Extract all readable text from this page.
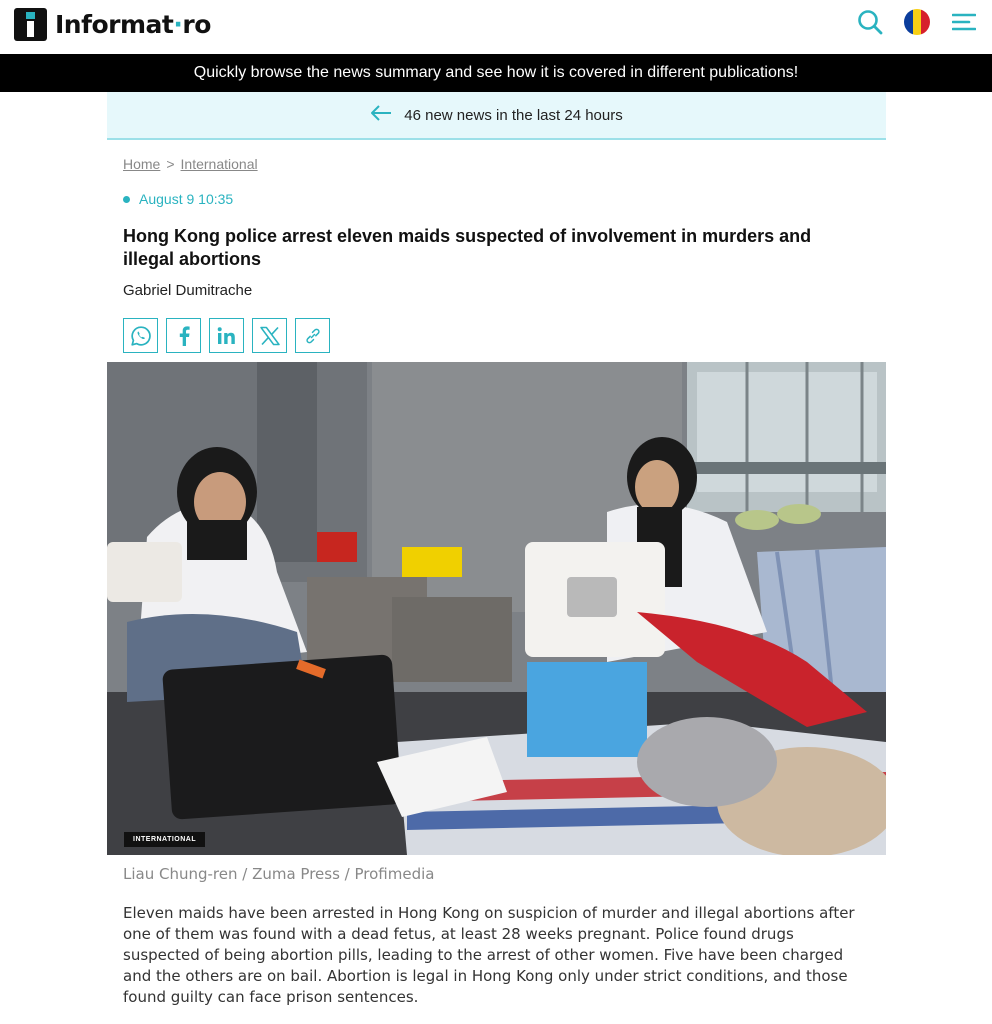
Informat·ro
Quickly browse the news summary and see how it is covered in different publications!
46 new news in the last 24 hours
Home > International
August 9 10:35
Hong Kong police arrest eleven maids suspected of involvement in murders and illegal abortions
Gabriel Dumitrache
INTERNATIONAL
Liau Chung-ren / Zuma Press / Profimedia

Eleven maids have been arrested in Hong Kong on suspicion of murder and illegal abortions after one of them was found with a dead fetus, at least 28 weeks pregnant. Police found drugs suspected of being abortion pills, leading to the arrest of other women. Five have been charged and the others are on bail. Abortion is legal in Hong Kong only under strict conditions, and those found guilty can face prison sentences.
